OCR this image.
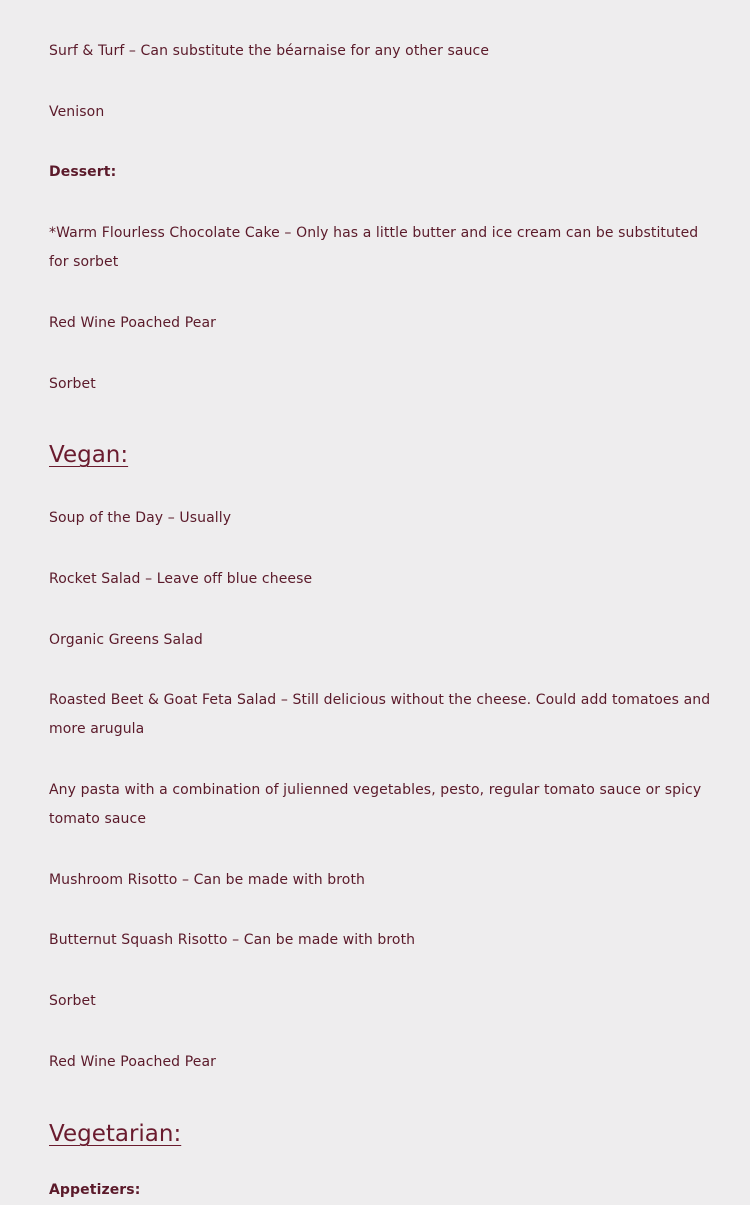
Surf & Turf – Can substitute the béarnaise for any other sauce

Venison

Dessert:

*Warm Flourless Chocolate Cake – Only has a little butter and ice cream can be substituted for sorbet

Red Wine Poached Pear

Sorbet

Vegan:

Soup of the Day – Usually

Rocket Salad – Leave off blue cheese

Organic Greens Salad

Roasted Beet & Goat Feta Salad – Still delicious without the cheese. Could add tomatoes and more arugula

Any pasta with a combination of julienned vegetables, pesto, regular tomato sauce or spicy tomato sauce

Mushroom Risotto – Can be made with broth

Butternut Squash Risotto – Can be made with broth

Sorbet

Red Wine Poached Pear

Vegetarian:

Appetizers:
